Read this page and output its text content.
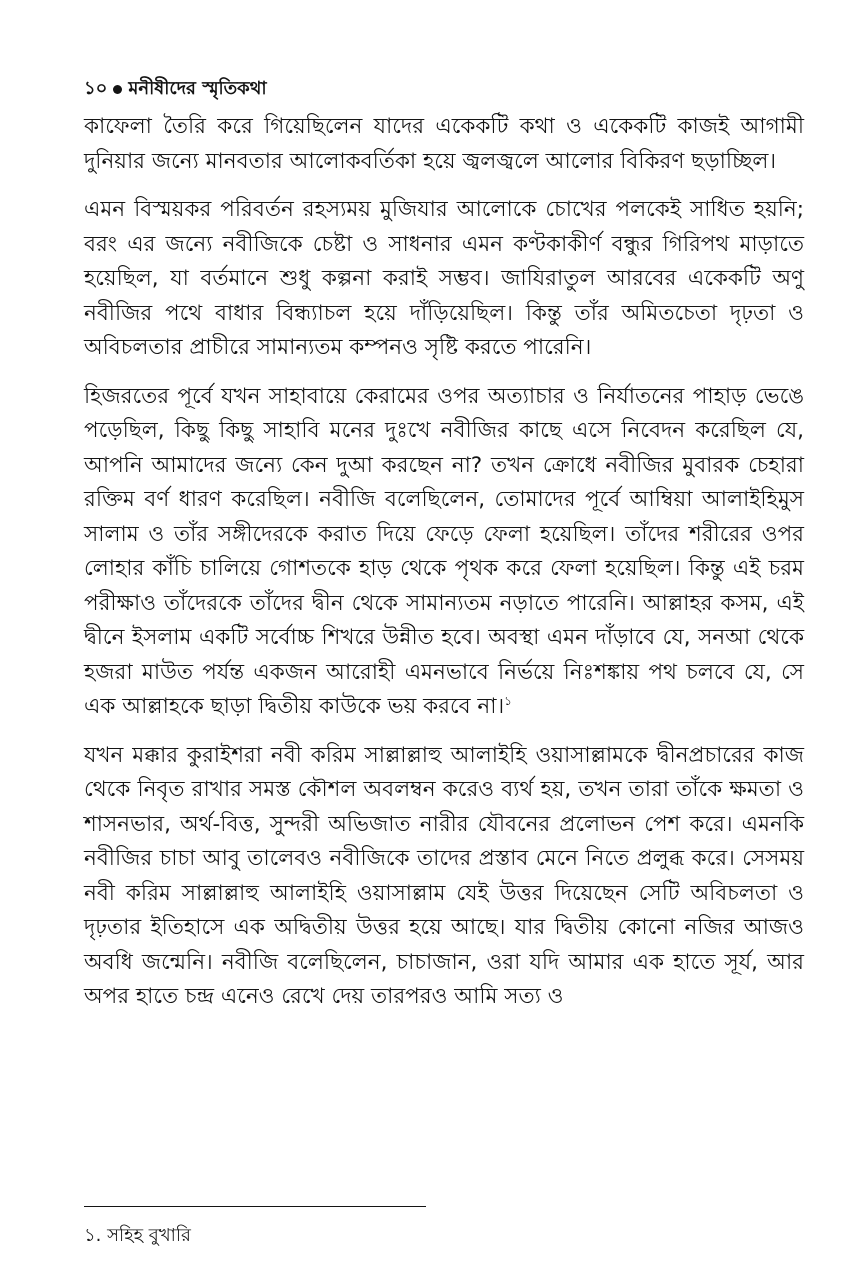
১০ মনীষীদের স্মৃতিকথা

কাফেলা তৈরি করে গিয়েছিলেন যাদের একেকটি কথা ও একেকটি কাজই আগামী দুনিয়ার জন্যে মানবতার আলোকবর্তিকা হয়ে জ্বলজ্বলে আলোর বিকিরণ ছড়াচ্ছিল।

এমন বিস্ময়কর পরিবর্তন রহস্যময় মুজিযার আলোকে চোখের পলকেই সাধিত হয়নি; বরং এর জন্যে নবীজিকে চেষ্টা ও সাধনার এমন কণ্টকাকীর্ণ বন্ধুর গিরিপথ মাড়াতে হয়েছিল, যা বর্তমানে শুধু কল্পনা করাই সম্ভব। জাযিরাতুল আরবের একেকটি অণু নবীজির পথে বাধার বিন্ধ্যাচল হয়ে দাঁড়িয়েছিল। কিন্তু তাঁর অমিতচেতা দৃঢ়তা ও অবিচলতার প্রাচীরে সামান্যতম কম্পনও সৃষ্টি করতে পারেনি।

হিজরতের পূর্বে যখন সাহাবায়ে কেরামের ওপর অত্যাচার ও নির্যাতনের পাহাড় ভেঙে পড়েছিল, কিছু কিছু সাহাবি মনের দুঃখে নবীজির কাছে এসে নিবেদন করেছিল যে, আপনি আমাদের জন্যে কেন দুআ করছেন না? তখন ক্রোধে নবীজির মুবারক চেহারা রক্তিম বর্ণ ধারণ করেছিল। নবীজি বলেছিলেন, তোমাদের পূর্বে আম্বিয়া আলাইহিমুস সালাম ও তাঁর সঙ্গীদেরকে করাত দিয়ে ফেড়ে ফেলা হয়েছিল। তাঁদের শরীরের ওপর লোহার কাঁচি চালিয়ে গোশতকে হাড় থেকে পৃথক করে ফেলা হয়েছিল। কিন্তু এই চরম পরীক্ষাও তাঁদেরকে তাঁদের দ্বীন থেকে সামান্যতম নড়াতে পারেনি। আল্লাহর কসম, এই দ্বীনে ইসলাম একটি সর্বোচ্চ শিখরে উন্নীত হবে। অবস্থা এমন দাঁড়াবে যে, সনআ থেকে হজরা মাউত পর্যন্ত একজন আরোহী এমনভাবে নির্ভয়ে নিঃশঙ্কায় পথ চলবে যে, সে এক আল্লাহকে ছাড়া দ্বিতীয় কাউকে ভয় করবে না।$^১$

যখন মক্কার কুরাইশরা নবী করিম সাল্লাল্লাহু আলাইহি ওয়াসাল্লামকে দ্বীনপ্রচারের কাজ থেকে নিবৃত রাখার সমস্ত কৌশল অবলম্বন করেও ব্যর্থ হয়, তখন তারা তাঁকে ক্ষমতা ও শাসনভার, অর্থ-বিত্ত, সুন্দরী অভিজাত নারীর যৌবনের প্রলোভন পেশ করে। এমনকি নবীজির চাচা আবু তালেবও নবীজিকে তাদের প্রস্তাব মেনে নিতে প্রলুব্ধ করে। সেসময় নবী করিম সাল্লাল্লাহু আলাইহি ওয়াসাল্লাম যেই উত্তর দিয়েছেন সেটি অবিচলতা ও দৃঢ়তার ইতিহাসে এক অদ্বিতীয় উত্তর হয়ে আছে। যার দ্বিতীয় কোনো নজির আজও অবধি জন্মেনি। নবীজি বলেছিলেন, চাচাজান, ওরা যদি আমার এক হাতে সূর্য, আর অপর হাতে চন্দ্র এনেও রেখে দেয় তারপরও আমি সত্য ও

১. সহিহ বুখারি
